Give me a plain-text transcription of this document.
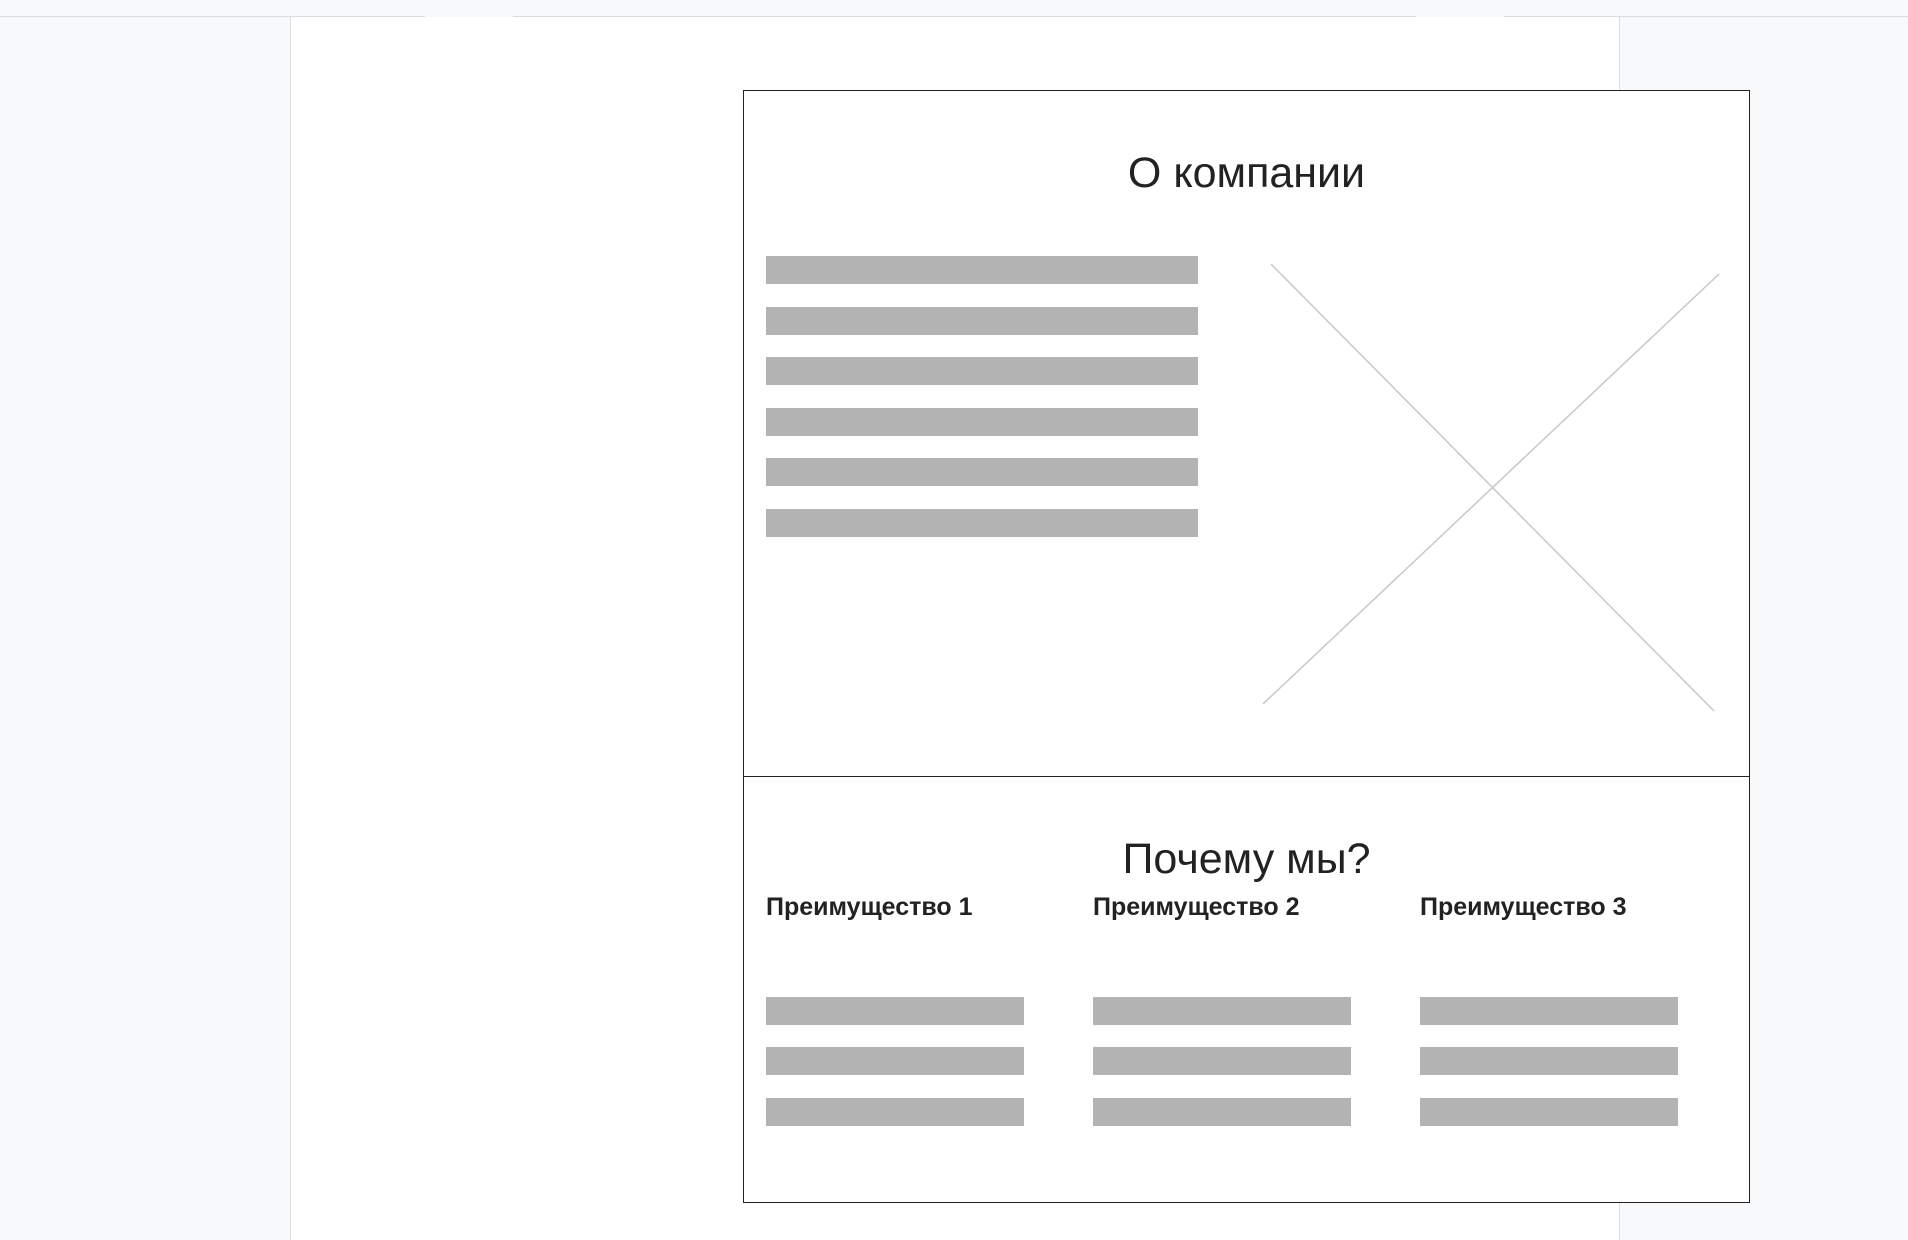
О компании
Почему мы?
Преимущество 1	Преимущество 2	Преимущество 3
